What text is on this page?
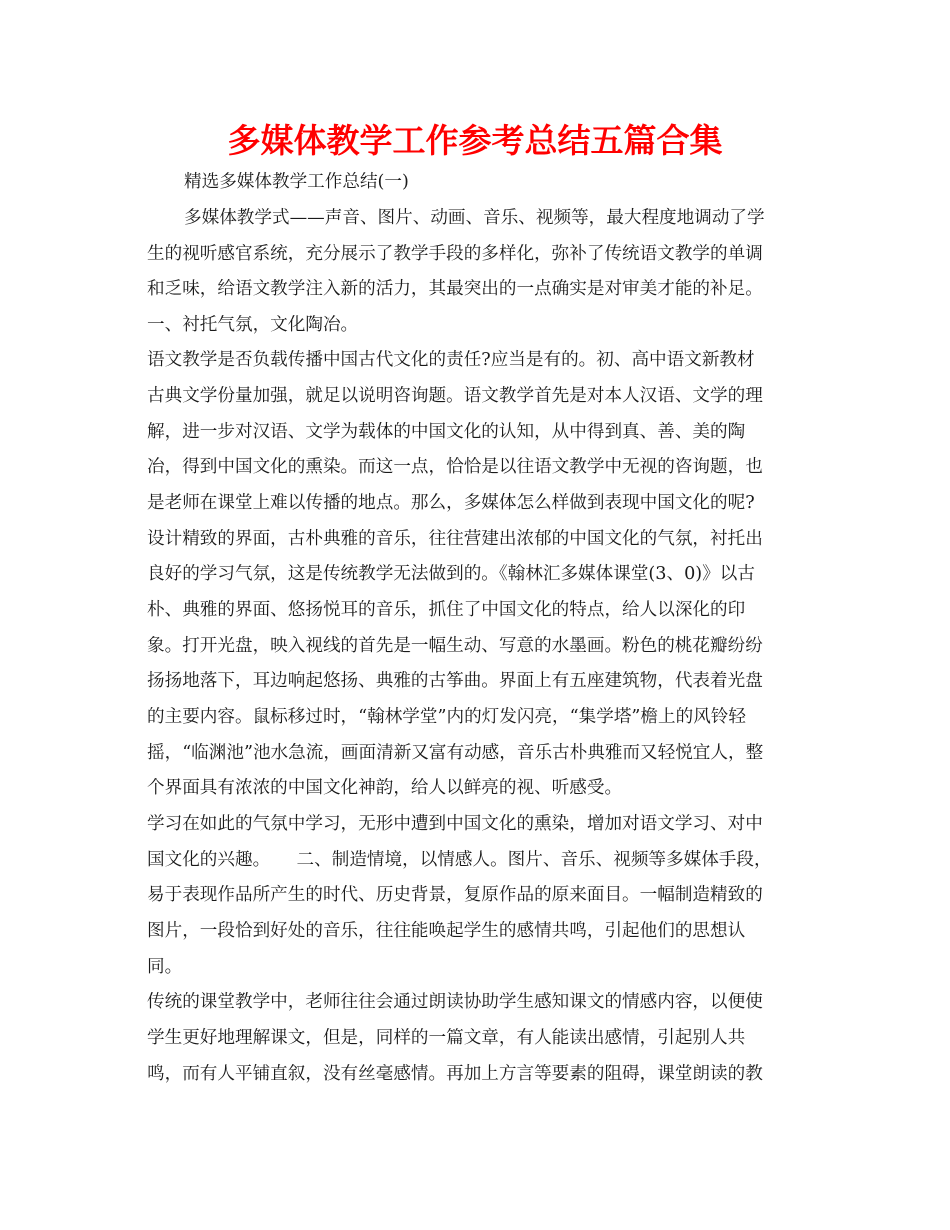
多媒体教学工作参考总结五篇合集
精选多媒体教学工作总结(一)
多媒体教学式——声音、图片、动画、音乐、视频等，最大程度地调动了学
生的视听感官系统，充分展示了教学手段的多样化，弥补了传统语文教学的单调
和乏味，给语文教学注入新的活力，其最突出的一点确实是对审美才能的补足。
一、衬托气氛，文化陶冶。
语文教学是否负载传播中国古代文化的责任?应当是有的。初、高中语文新教材
古典文学份量加强，就足以说明咨询题。语文教学首先是对本人汉语、文学的理
解，进一步对汉语、文学为载体的中国文化的认知，从中得到真、善、美的陶
冶，得到中国文化的熏染。而这一点，恰恰是以往语文教学中无视的咨询题，也
是老师在课堂上难以传播的地点。那么，多媒体怎么样做到表现中国文化的呢?
设计精致的界面，古朴典雅的音乐，往往营建出浓郁的中国文化的气氛，衬托出
良好的学习气氛，这是传统教学无法做到的。《翰林汇多媒体课堂(3、0)》以古
朴、典雅的界面、悠扬悦耳的音乐，抓住了中国文化的特点，给人以深化的印
象。打开光盘，映入视线的首先是一幅生动、写意的水墨画。粉色的桃花瓣纷纷
扬扬地落下，耳边响起悠扬、典雅的古筝曲。界面上有五座建筑物，代表着光盘
的主要内容。鼠标移过时，“翰林学堂”内的灯发闪亮，“集学塔”檐上的风铃轻
摇，“临渊池”池水急流，画面清新又富有动感，音乐古朴典雅而又轻悦宜人，整
个界面具有浓浓的中国文化神韵，给人以鲜亮的视、听感受。
学习在如此的气氛中学习，无形中遭到中国文化的熏染，增加对语文学习、对中
国文化的兴趣。　　二、制造情境，以情感人。图片、音乐、视频等多媒体手段，
易于表现作品所产生的时代、历史背景，复原作品的原来面目。一幅制造精致的
图片，一段恰到好处的音乐，往往能唤起学生的感情共鸣，引起他们的思想认
同。
传统的课堂教学中，老师往往会通过朗读协助学生感知课文的情感内容，以便使
学生更好地理解课文，但是，同样的一篇文章，有人能读出感情，引起别人共
鸣，而有人平铺直叙，没有丝毫感情。再加上方言等要素的阻碍，课堂朗读的教
